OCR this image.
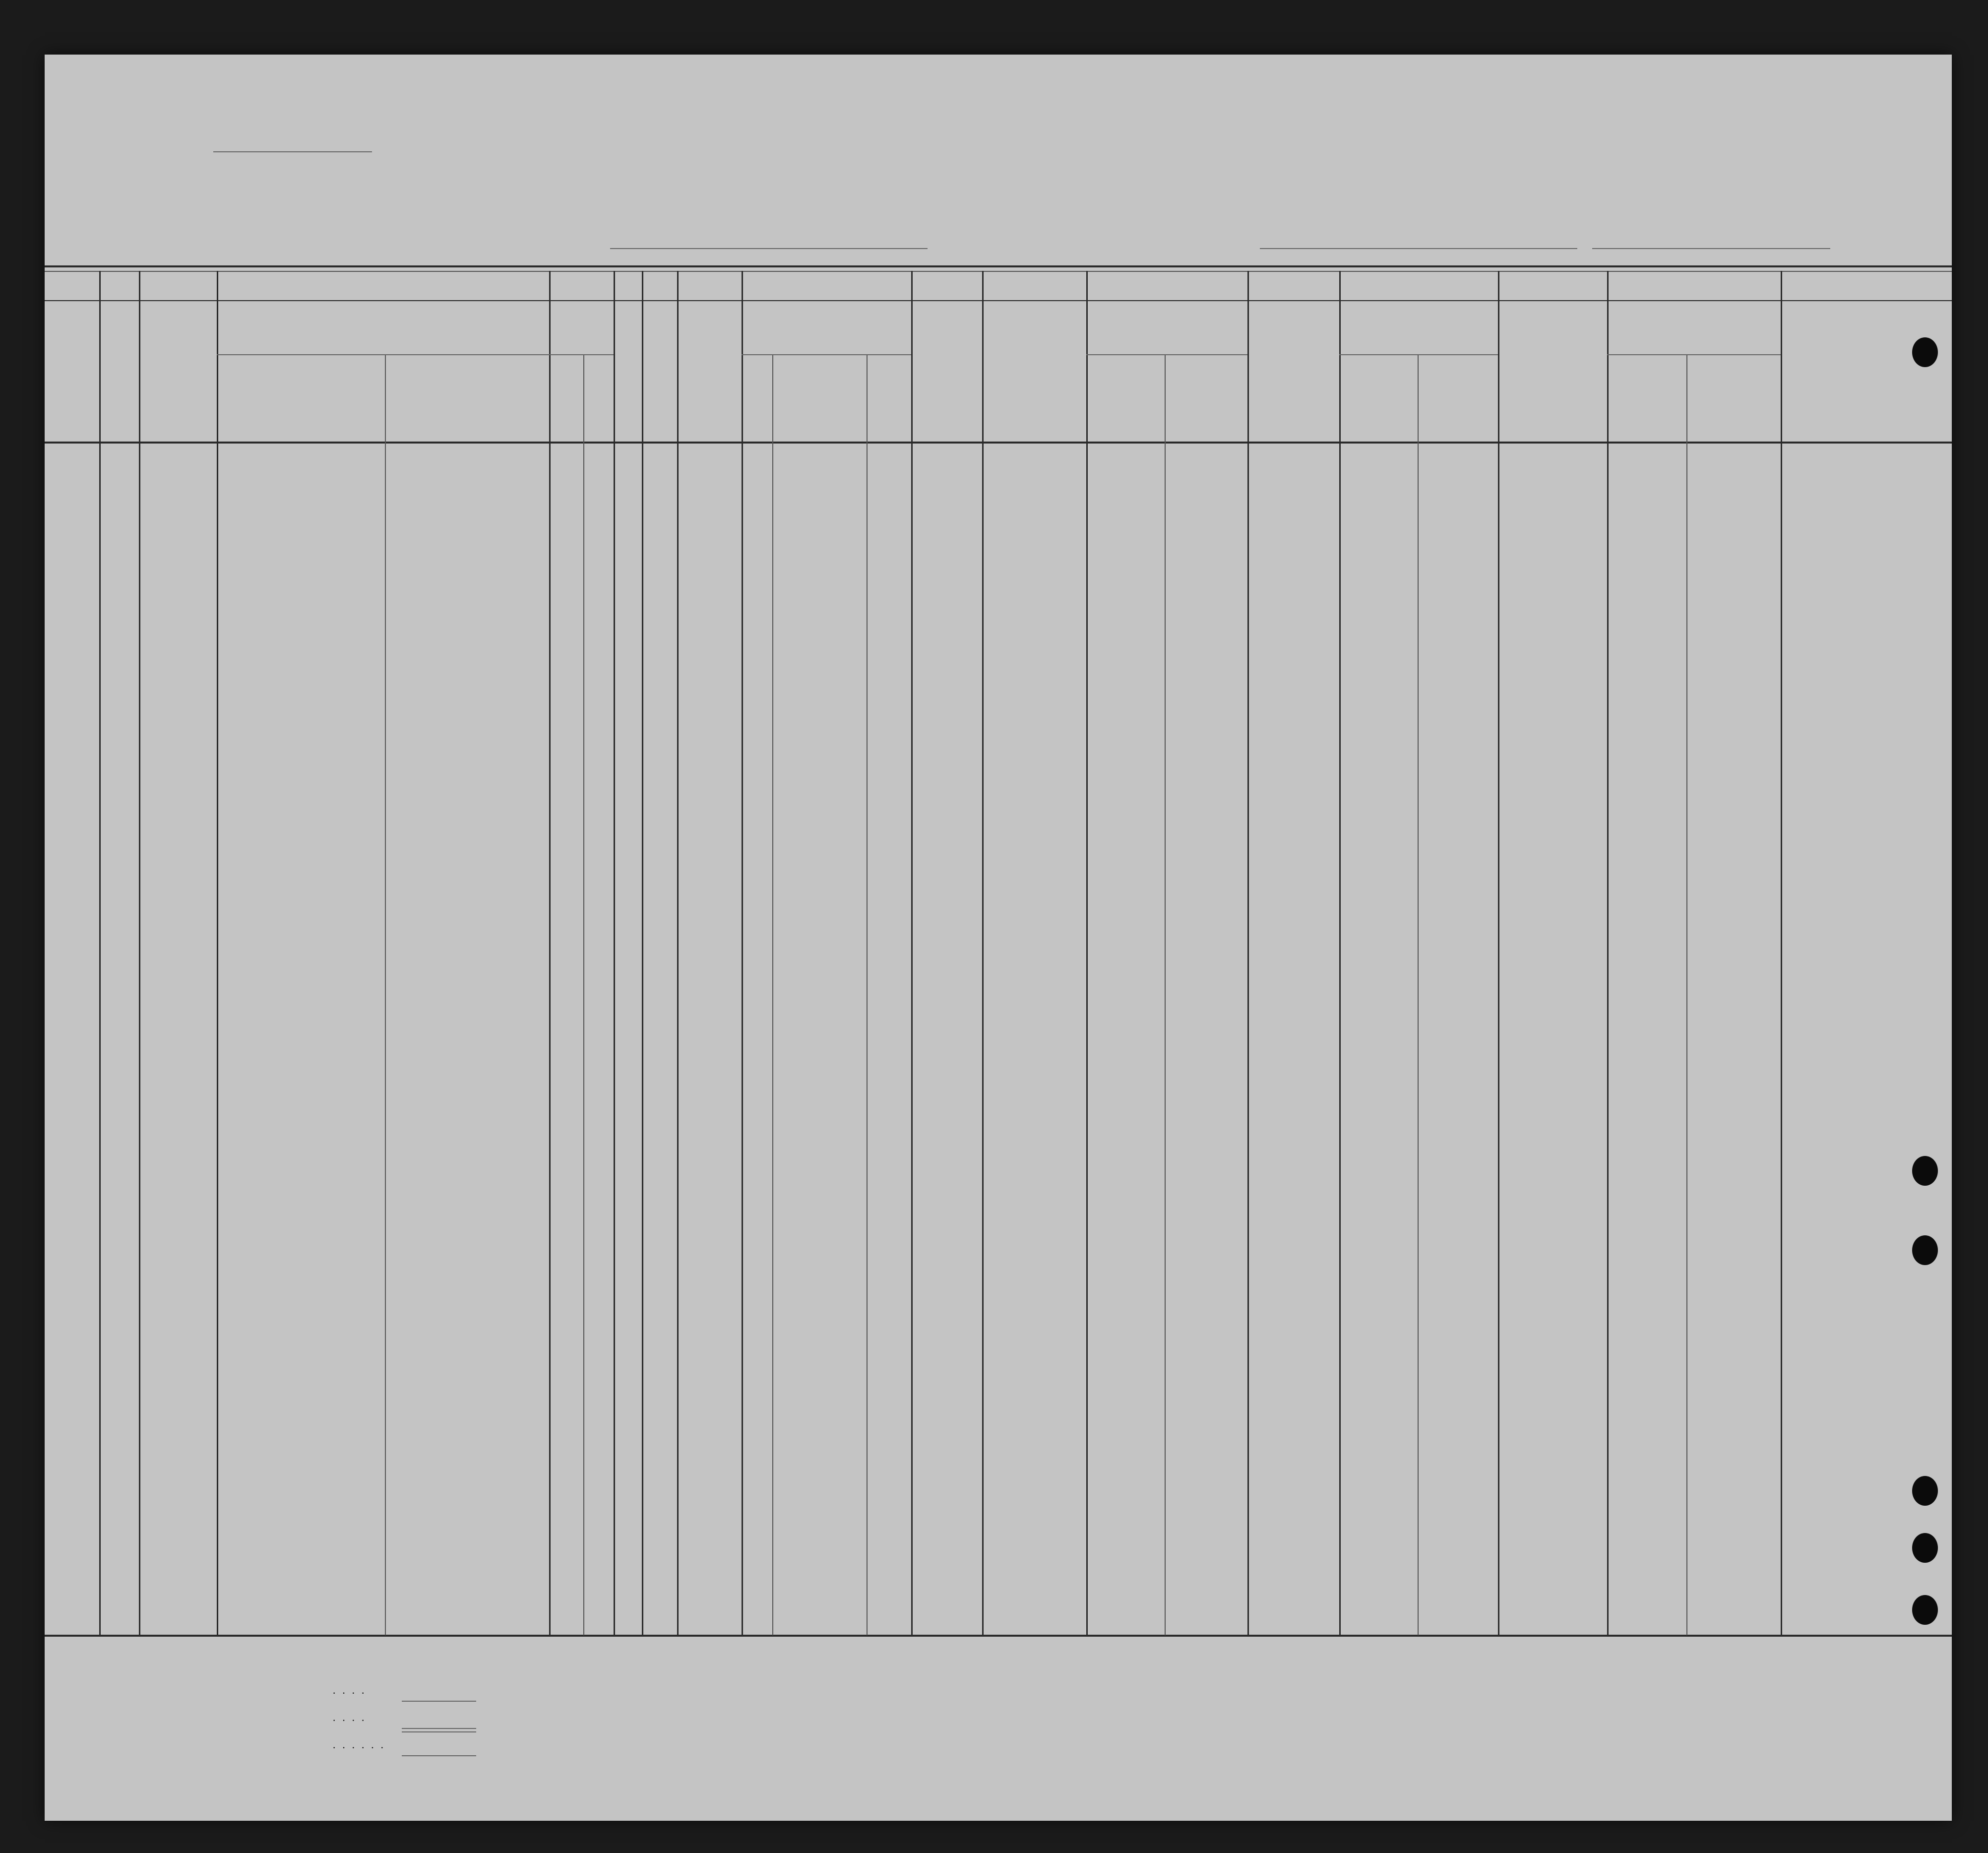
····
····
······
